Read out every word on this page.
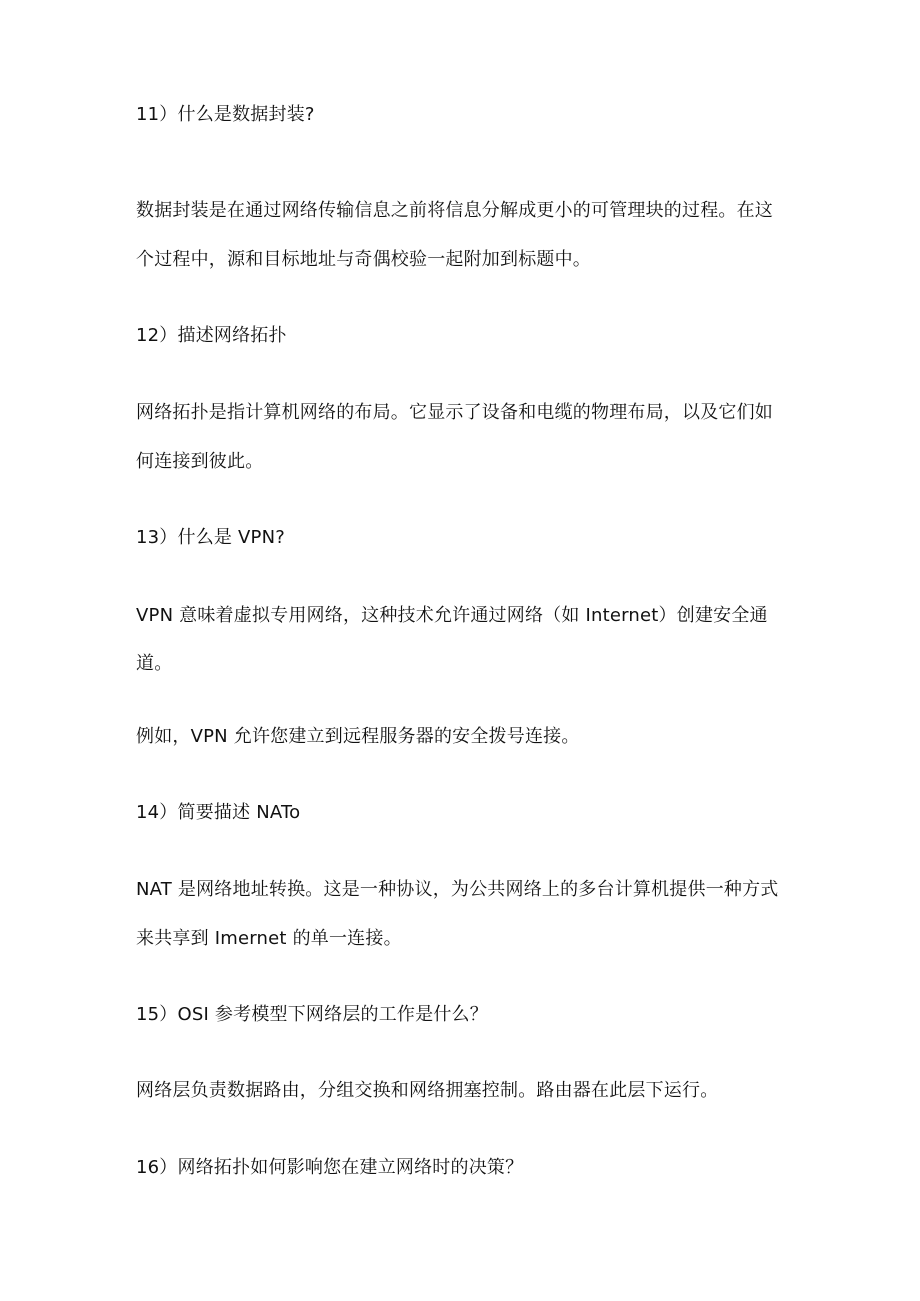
11）什么是数据封装?
数据封装是在通过网络传输信息之前将信息分解成更小的可管理块的过程。在这
个过程中，源和目标地址与奇偶校验一起附加到标题中。
12）描述网络拓扑
网络拓扑是指计算机网络的布局。它显示了设备和电缆的物理布局，以及它们如
何连接到彼此。
13）什么是 VPN?
VPN 意味着虚拟专用网络，这种技术允许通过网络（如 Internet）创建安全通
道。
例如，VPN 允许您建立到远程服务器的安全拨号连接。
14）简要描述 NATo
NAT 是网络地址转换。这是一种协议，为公共网络上的多台计算机提供一种方式
来共享到 Imernet 的单一连接。
15）OSI 参考模型下网络层的工作是什么？
网络层负责数据路由，分组交换和网络拥塞控制。路由器在此层下运行。
16）网络拓扑如何影响您在建立网络时的决策？
